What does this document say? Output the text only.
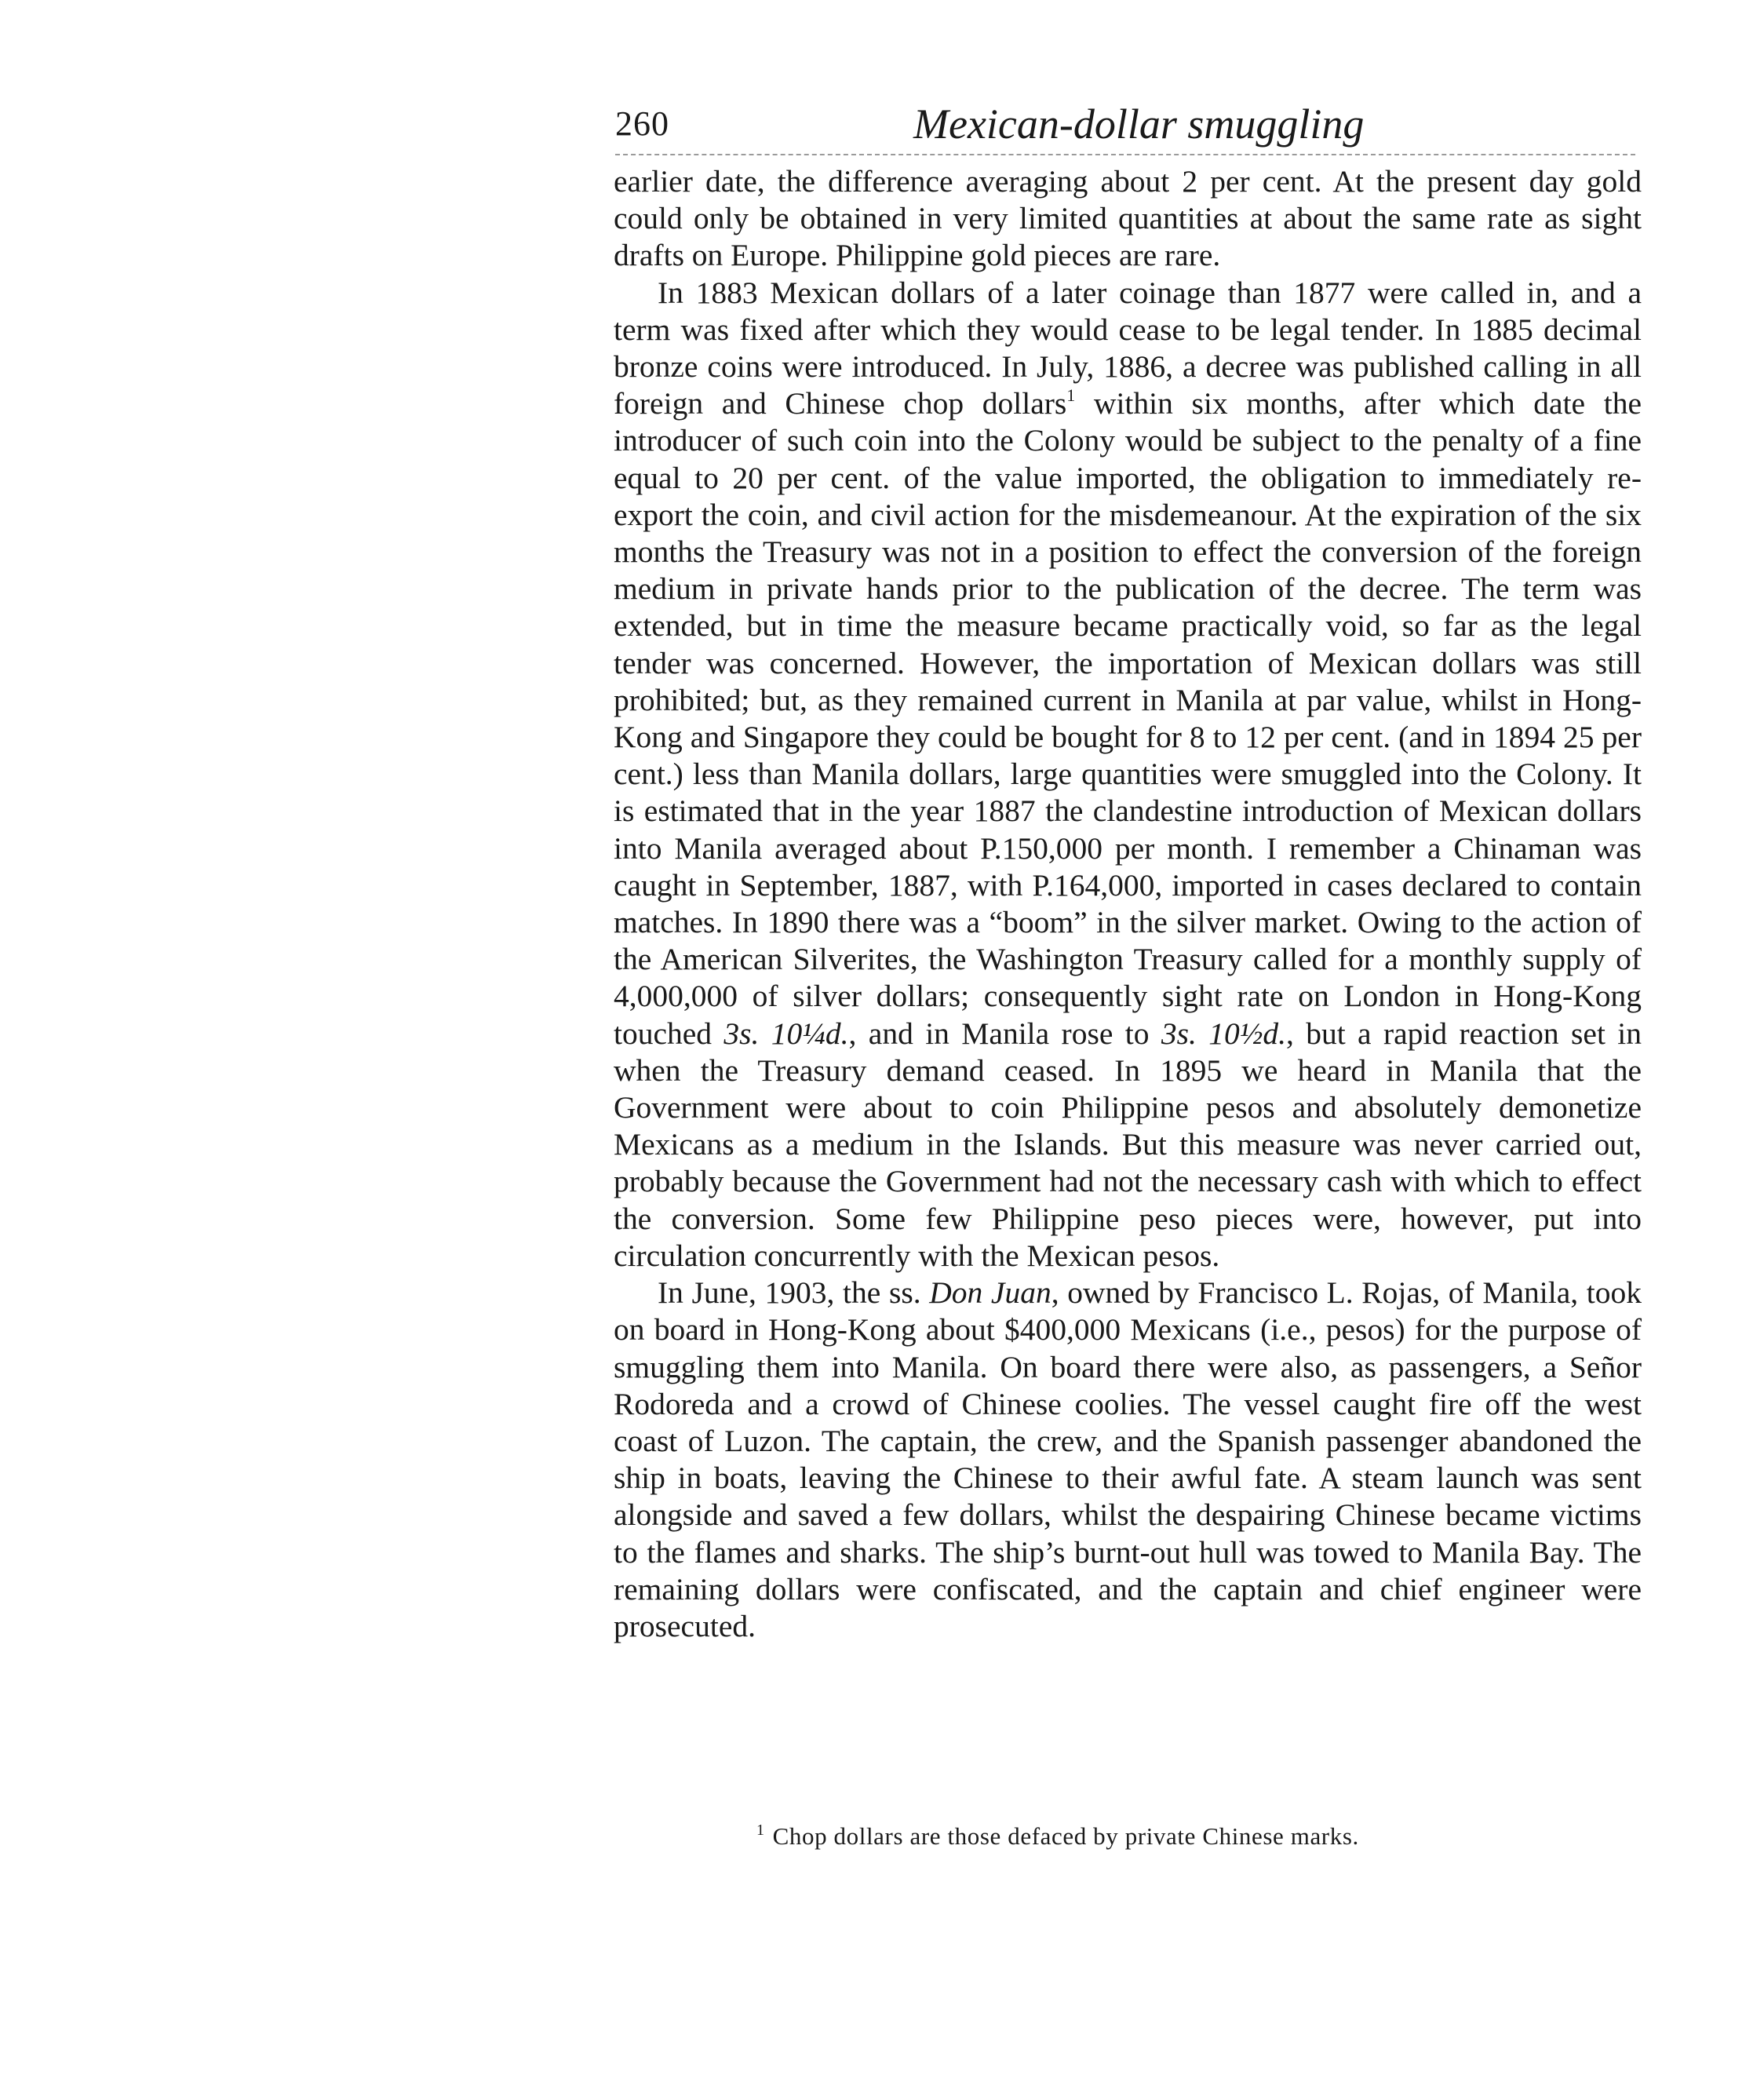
260	Mexican-dollar smuggling

earlier date, the difference averaging about 2 per cent. At the present day gold could only be obtained in very limited quantities at about the same rate as sight drafts on Europe. Philippine gold pieces are rare.

In 1883 Mexican dollars of a later coinage than 1877 were called in, and a term was fixed after which they would cease to be legal tender. In 1885 decimal bronze coins were introduced. In July, 1886, a decree was published calling in all foreign and Chinese chop dollars$^1$ within six months, after which date the introducer of such coin into the Colony would be subject to the penalty of a fine equal to 20 per cent. of the value imported, the obligation to immediately re-export the coin, and civil action for the misdemeanour. At the expiration of the six months the Treasury was not in a position to effect the conversion of the foreign medium in private hands prior to the publication of the decree. The term was extended, but in time the measure became practically void, so far as the legal tender was concerned. However, the importation of Mexican dollars was still prohibited; but, as they remained current in Manila at par value, whilst in Hong-Kong and Singapore they could be bought for 8 to 12 per cent. (and in 1894 25 per cent.) less than Manila dollars, large quantities were smuggled into the Colony. It is estimated that in the year 1887 the clandestine introduction of Mexican dollars into Manila averaged about P.150,000 per month. I remember a Chinaman was caught in September, 1887, with P.164,000, imported in cases declared to contain matches. In 1890 there was a “boom” in the silver market. Owing to the action of the American Silverites, the Washington Treasury called for a monthly supply of 4,000,000 of silver dollars; consequently sight rate on London in Hong-Kong touched 3s. 10¼d., and in Manila rose to 3s. 10½d., but a rapid reaction set in when the Treasury demand ceased. In 1895 we heard in Manila that the Government were about to coin Philippine pesos and absolutely demonetize Mexicans as a medium in the Islands. But this measure was never carried out, probably because the Government had not the necessary cash with which to effect the conversion. Some few Philippine peso pieces were, however, put into circulation concurrently with the Mexican pesos.

In June, 1903, the ss. Don Juan, owned by Francisco L. Rojas, of Manila, took on board in Hong-Kong about $400,000 Mexicans (i.e., pesos) for the purpose of smuggling them into Manila. On board there were also, as passengers, a Señor Rodoreda and a crowd of Chinese coolies. The vessel caught fire off the west coast of Luzon. The captain, the crew, and the Spanish passenger abandoned the ship in boats, leaving the Chinese to their awful fate. A steam launch was sent alongside and saved a few dollars, whilst the despairing Chinese became victims to the flames and sharks. The ship’s burnt-out hull was towed to Manila Bay. The remaining dollars were confiscated, and the captain and chief engineer were prosecuted.

$^1$ Chop dollars are those defaced by private Chinese marks.
